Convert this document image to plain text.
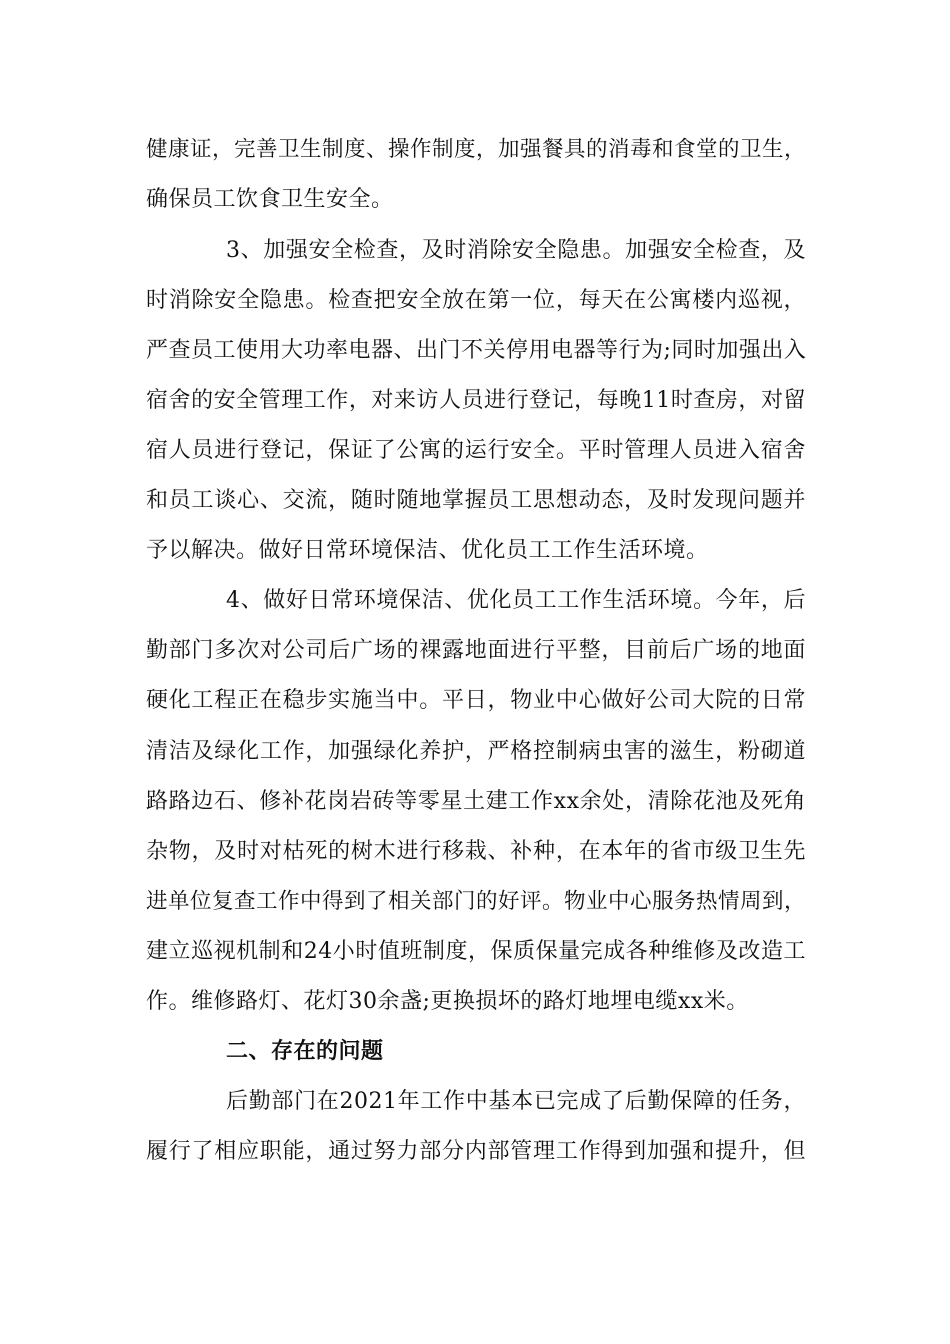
健康证，完善卫生制度、操作制度，加强餐具的消毒和食堂的卫生，
确保员工饮食卫生安全。
3、加强安全检查，及时消除安全隐患。加强安全检查，及
时消除安全隐患。检查把安全放在第一位，每天在公寓楼内巡视，
严查员工使用大功率电器、出门不关停用电器等行为;同时加强出入
宿舍的安全管理工作，对来访人员进行登记，每晚11时查房，对留
宿人员进行登记，保证了公寓的运行安全。平时管理人员进入宿舍
和员工谈心、交流，随时随地掌握员工思想动态，及时发现问题并
予以解决。做好日常环境保洁、优化员工工作生活环境。
4、做好日常环境保洁、优化员工工作生活环境。今年，后
勤部门多次对公司后广场的裸露地面进行平整，目前后广场的地面
硬化工程正在稳步实施当中。平日，物业中心做好公司大院的日常
清洁及绿化工作，加强绿化养护，严格控制病虫害的滋生，粉砌道
路路边石、修补花岗岩砖等零星土建工作xx余处，清除花池及死角
杂物，及时对枯死的树木进行移栽、补种，在本年的省市级卫生先
进单位复查工作中得到了相关部门的好评。物业中心服务热情周到，
建立巡视机制和24小时值班制度，保质保量完成各种维修及改造工
作。维修路灯、花灯30余盏;更换损坏的路灯地埋电缆xx米。
二、存在的问题
后勤部门在2021年工作中基本已完成了后勤保障的任务，
履行了相应职能，通过努力部分内部管理工作得到加强和提升，但
